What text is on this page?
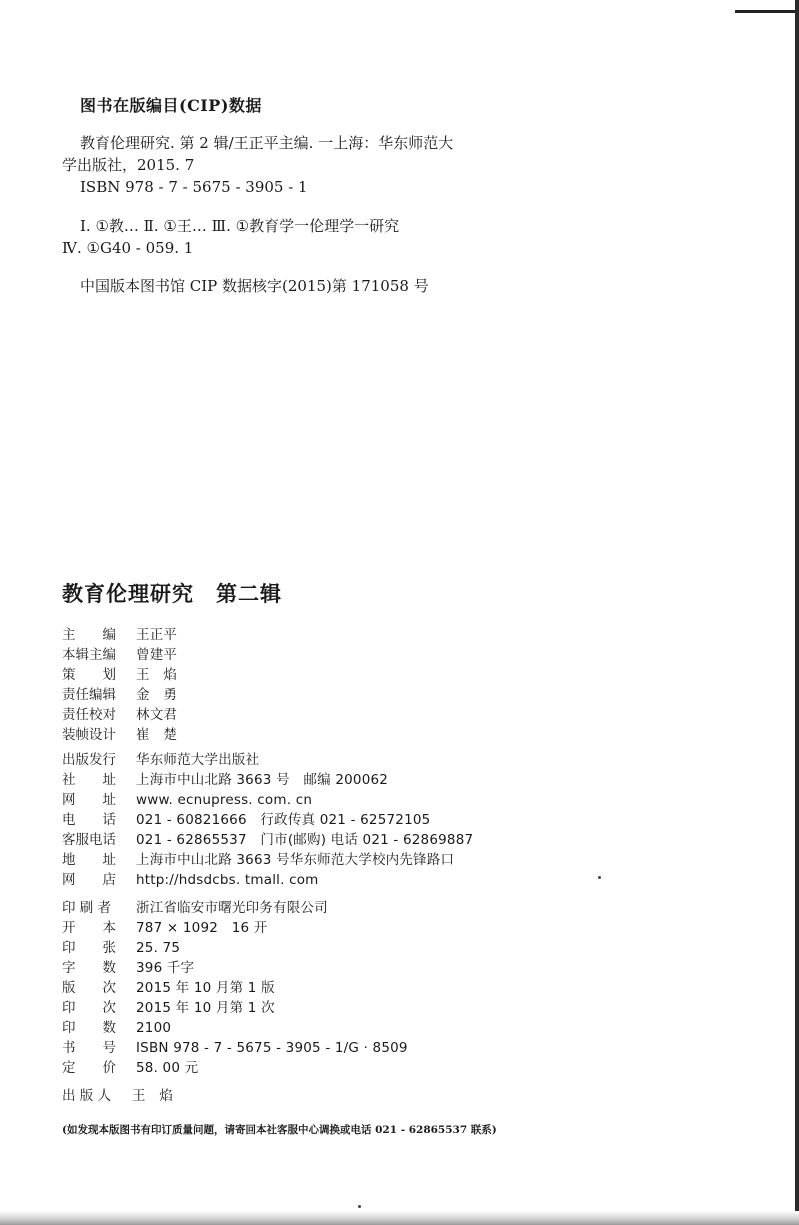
图书在版编目(CIP)数据
教育伦理研究. 第 2 辑/王正平主编. 一上海：华东师范大
学出版社，2015. 7
ISBN 978 - 7 - 5675 - 3905 - 1
Ⅰ. ①教… Ⅱ. ①王… Ⅲ. ①教育学一伦理学一研究
Ⅳ. ①G40 - 059. 1
中国版本图书馆 CIP 数据核字(2015)第 171058 号
教育伦理研究　第二辑
主　　编	王正平
本辑主编	曾建平
策　　划	王　焰
责任编辑	金　勇
责任校对	林文君
装帧设计	崔　楚
出版发行	华东师范大学出版社
社　　址	上海市中山北路 3663 号　邮编 200062
网　　址	www. ecnupress. com. cn
电　　话	021 - 60821666　行政传真 021 - 62572105
客服电话	021 - 62865537　门市(邮购) 电话 021 - 62869887
地　　址	上海市中山北路 3663 号华东师范大学校内先锋路口
网　　店	http://hdsdcbs. tmall. com
印 刷 者	浙江省临安市曙光印务有限公司
开　　本	787 × 1092　16 开
印　　张	25. 75
字　　数	396 千字
版　　次	2015 年 10 月第 1 版
印　　次	2015 年 10 月第 1 次
印　　数	2100
书　　号	ISBN 978 - 7 - 5675 - 3905 - 1/G · 8509
定　　价	58. 00 元
出 版 人	王　焰
(如发现本版图书有印订质量问题，请寄回本社客服中心调换或电话 021 - 62865537 联系)
